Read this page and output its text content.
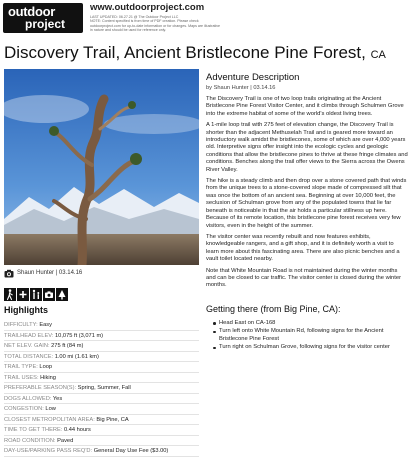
outdoor
project
www.outdoorproject.com
LAST UPDATED: 06.27.21 @ The Outdoor Project LLC
NOTE: Content specified is from time of PDF creation. Please check
outdoorproject.com for up-to-date information or for changes. Maps are illustrative
in nature and should be used for reference only.
Discovery Trail, Ancient Bristlecone Pine Forest, CA
Shaun Hunter | 03.14.16
Highlights
DIFFICULTY: Easy
TRAILHEAD ELEV: 10,075 ft (3,071 m)
NET ELEV. GAIN: 275 ft (84 m)
TOTAL DISTANCE: 1.00 mi (1.61 km)
TRAIL TYPE: Loop
TRAIL USES: Hiking
PREFERABLE SEASON(S): Spring, Summer, Fall
DOGS ALLOWED: Yes
CONGESTION: Low
CLOSEST METROPOLITAN AREA: Big Pine, CA
TIME TO GET THERE: 0.44 hours
ROAD CONDITION: Paved
DAY-USE/PARKING PASS REQ'D: General Day Use Fee ($3.00)
Adventure Description
by Shaun Hunter | 03.14.16

The Discovery Trail is one of two loop trails originating at the Ancient Bristlecone Pine Forest Visitor Center, and it climbs through Schulmen Grove into the extreme habitat of some of the world's oldest living trees.

A 1-mile loop trail with 275 feet of elevation change, the Discovery Trail is shorter than the adjacent Methuselah Trail and is geared more toward an introductory walk amidst the bristlecones, some of which are over 4,000 years old. Interpretive signs offer insight into the ecologic cycles and geologic conditions that allow the bristlecone pines to thrive at these fringe climates and conditions. Benches along the trail offer views to the Sierra across the Owens River Valley.

The hike is a steady climb and then drop over a stone covered path that winds from the unique trees to a stone-covered slope made of compressed silt that was once the bottom of an ancient sea. Beginning at over 10,000 feet, the seclusion of Schulman grove from any of the populated towns that lie far beneath is noticeable in that the air holds a particular stillness up here. Because of its remote location, this bristlecone pine forest receives very few visitors, even in the height of the summer.

The visitor center was recently rebuilt and now features exhibits, knowledgeable rangers, and a gift shop, and it is definitely worth a visit to learn more about this fascinating area. There are also picnic benches and a vault toilet located nearby.

Note that White Mountain Road is not maintained during the winter months and can be closed to car traffic. The visitor center is closed during the winter months.

Getting there (from Big Pine, CA):
Head East on CA-168
Turn left onto White Mountain Rd, following signs for the Ancient Bristlecone Pine Forest
Turn right on Schulman Grove, following signs for the visitor center
